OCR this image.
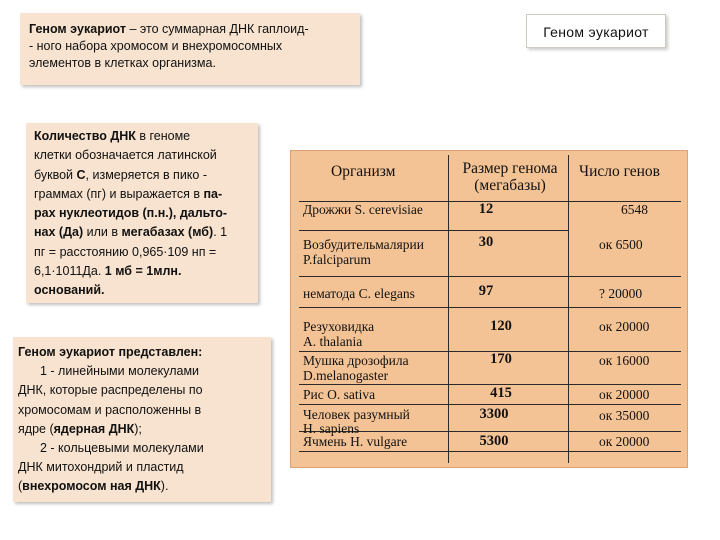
Геном эукариот – это суммарная ДНК гаплоид-
- ного набора хромосом и внехромосомных
элементов в клетках организма.
Геном эукариот
Количество ДНК в геноме
клетки обозначается латинской
буквой С, измеряется в пико -
граммах (пг) и выражается в па-
рах нуклеотидов (п.н.), дальто-
нах (Да) или в мегабазах (мб). 1
пг = расстоянию 0,965·109 нп =
6,1·1011Да. 1 мб = 1млн.
оснований.
Геном эукариот представлен:
1 - линейными молекулами
ДНК, которые распределены по
хромосомам и расположенны в
ядре (ядерная ДНК);
2 - кольцевыми молекулами
ДНК митохондрий и пластид
(внехромосом ная ДНК).
Организм	Размер генома
(мегабазы)
Число генов
Дрожжи S. cerevisiae	12	6548
Возбудительмалярии
P.falciparum
30	ок 6500
нематода C. elegans	97	? 20000
Резуховидка
A. thalania
120	ок 20000
Мушка дрозофила
D.melanogaster
170	ок 16000
Рис O. sativa	415	ок 20000
Человек разумный
H. sapiens
3300	ок 35000
Ячмень H. vulgare	5300	ок 20000
